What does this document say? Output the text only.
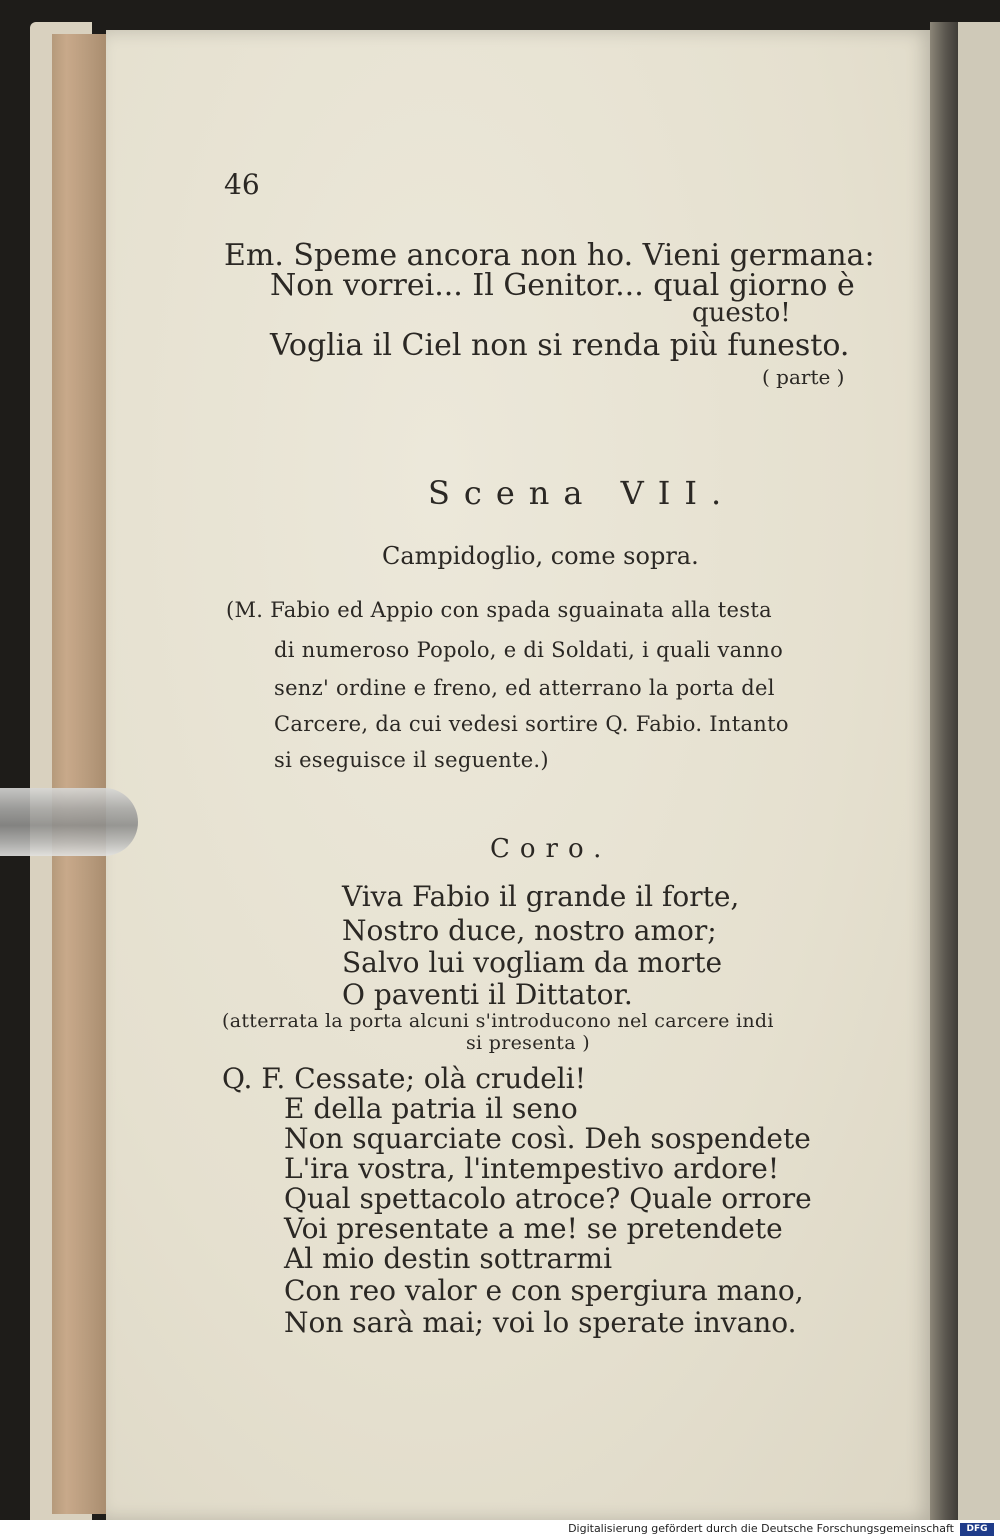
46
Em. Speme ancora non ho. Vieni germana:
Non vorrei... Il Genitor... qual giorno è
questo!
Voglia il Ciel non si renda più funesto.
( parte )
Scena VII.
Campidoglio, come sopra.
(M. Fabio ed Appio con spada sguainata alla testa
di numeroso Popolo, e di Soldati, i quali vanno
senz' ordine e freno, ed atterrano la porta del
Carcere, da cui vedesi sortire Q. Fabio. Intanto
si eseguisce il seguente.)
Coro.
Viva Fabio il grande il forte,
Nostro duce, nostro amor;
Salvo lui vogliam da morte
O paventi il Dittator.
(atterrata la porta alcuni s'introducono nel carcere indi
si presenta )
Q. F. Cessate; olà crudeli!
E della patria il seno
Non squarciate così. Deh sospendete
L'ira vostra, l'intempestivo ardore!
Qual spettacolo atroce? Quale orrore
Voi presentate a me! se pretendete
Al mio destin sottrarmi
Con reo valor e con spergiura mano,
Non sarà mai; voi lo sperate invano.
Digitalisierung gefördert durch die Deutsche Forschungsgemeinschaft	DFG
